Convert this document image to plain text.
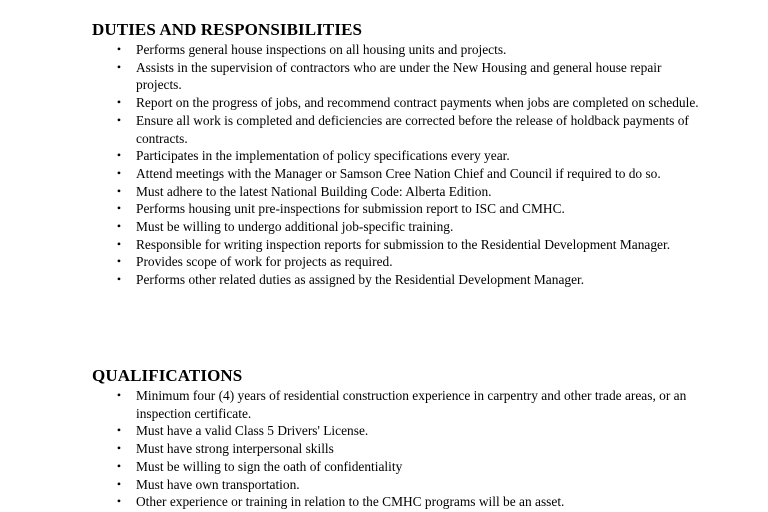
DUTIES AND RESPONSIBILITIES
• Performs general house inspections on all housing units and projects.
• Assists in the supervision of contractors who are under the New Housing and general house repair projects.
• Report on the progress of jobs, and recommend contract payments when jobs are completed on schedule.
• Ensure all work is completed and deficiencies are corrected before the release of holdback payments of contracts.
• Participates in the implementation of policy specifications every year.
• Attend meetings with the Manager or Samson Cree Nation Chief and Council if required to do so.
• Must adhere to the latest National Building Code: Alberta Edition.
• Performs housing unit pre-inspections for submission report to ISC and CMHC.
• Must be willing to undergo additional job-specific training.
• Responsible for writing inspection reports for submission to the Residential Development Manager.
• Provides scope of work for projects as required.
• Performs other related duties as assigned by the Residential Development Manager.
QUALIFICATIONS
• Minimum four (4) years of residential construction experience in carpentry and other trade areas, or an inspection certificate.
• Must have a valid Class 5 Drivers' License.
• Must have strong interpersonal skills
• Must be willing to sign the oath of confidentiality
• Must have own transportation.
• Other experience or training in relation to the CMHC programs will be an asset.
